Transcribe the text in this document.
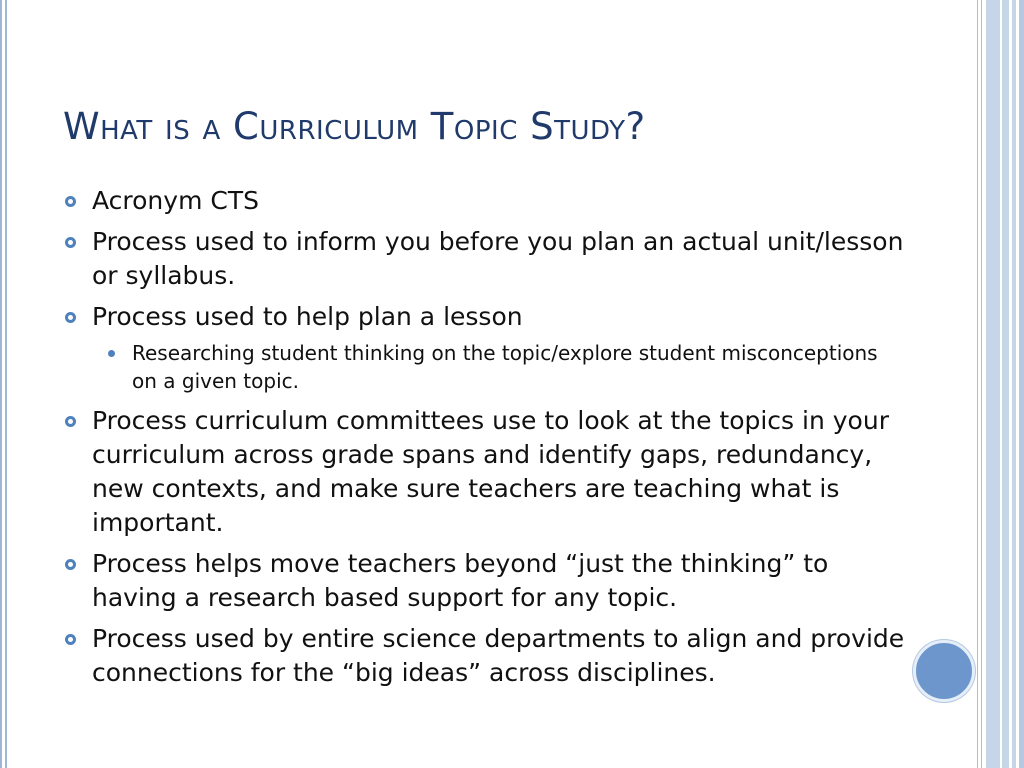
What is a Curriculum Topic Study?
Acronym CTS
Process used to inform you before you plan an actual unit/lesson or syllabus.
Process used to help plan a lesson
Researching student thinking on the topic/explore student misconceptions on a given topic.
Process curriculum committees use to look at the topics in your curriculum across grade spans and identify gaps, redundancy, new contexts, and make sure teachers are teaching what is important.
Process helps move teachers beyond “just the thinking” to having a research based support for any topic.
Process used by entire science departments to align and provide connections for the “big ideas” across disciplines.
